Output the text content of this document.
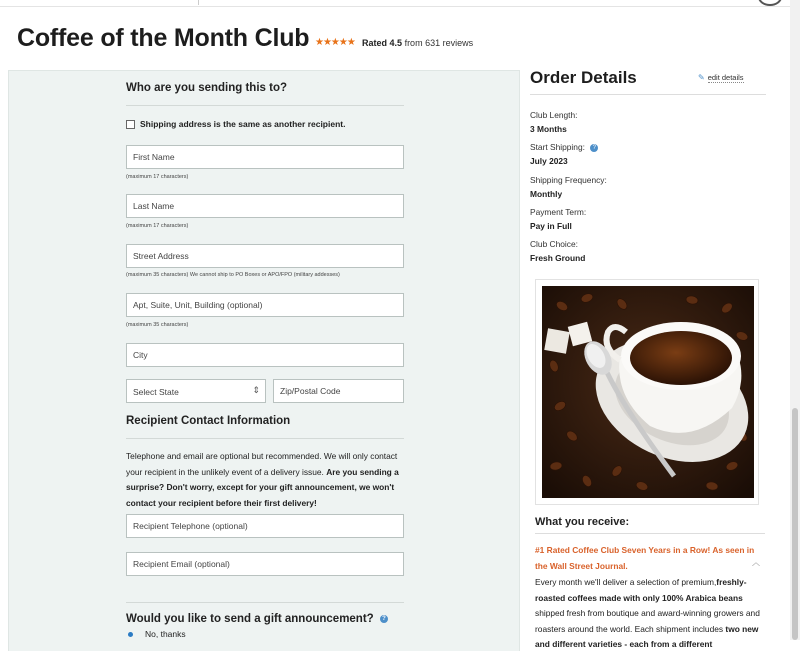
Coffee of the Month Club ★★★★★ Rated 4.5 from 631 reviews
Who are you sending this to?
Shipping address is the same as another recipient.
First Name
(maximum 17 characters)
Last Name
(maximum 17 characters)
Street Address
(maximum 35 characters) We cannot ship to PO Boxes or APO/FPO (military addesses)
Apt, Suite, Unit, Building (optional)
(maximum 35 characters)
City
Select State	⇕
Zip/Postal Code
Recipient Contact Information
Telephone and email are optional but recommended. We will only contact your recipient in the unlikely event of a delivery issue. Are you sending a surprise? Don't worry, except for your gift announcement, we won't contact your recipient before their first delivery!
Recipient Telephone (optional)
Recipient Email (optional)
Would you like to send a gift announcement? ?
No, thanks
Order Details	✎ edit details
Club Length:
3 Months
Start Shipping: ?
July 2023
Shipping Frequency:
Monthly
Payment Term:
Pay in Full
Club Choice:
Fresh Ground
What you receive:
#1 Rated Coffee Club Seven Years in a Row! As seen in the Wall Street Journal.	︿
Every month we'll deliver a selection of premium,freshly-roasted coffees made with only 100% Arabica beans shipped fresh from boutique and award-winning growers and roasters around the world. Each shipment includes two new and different varieties - each from a different
